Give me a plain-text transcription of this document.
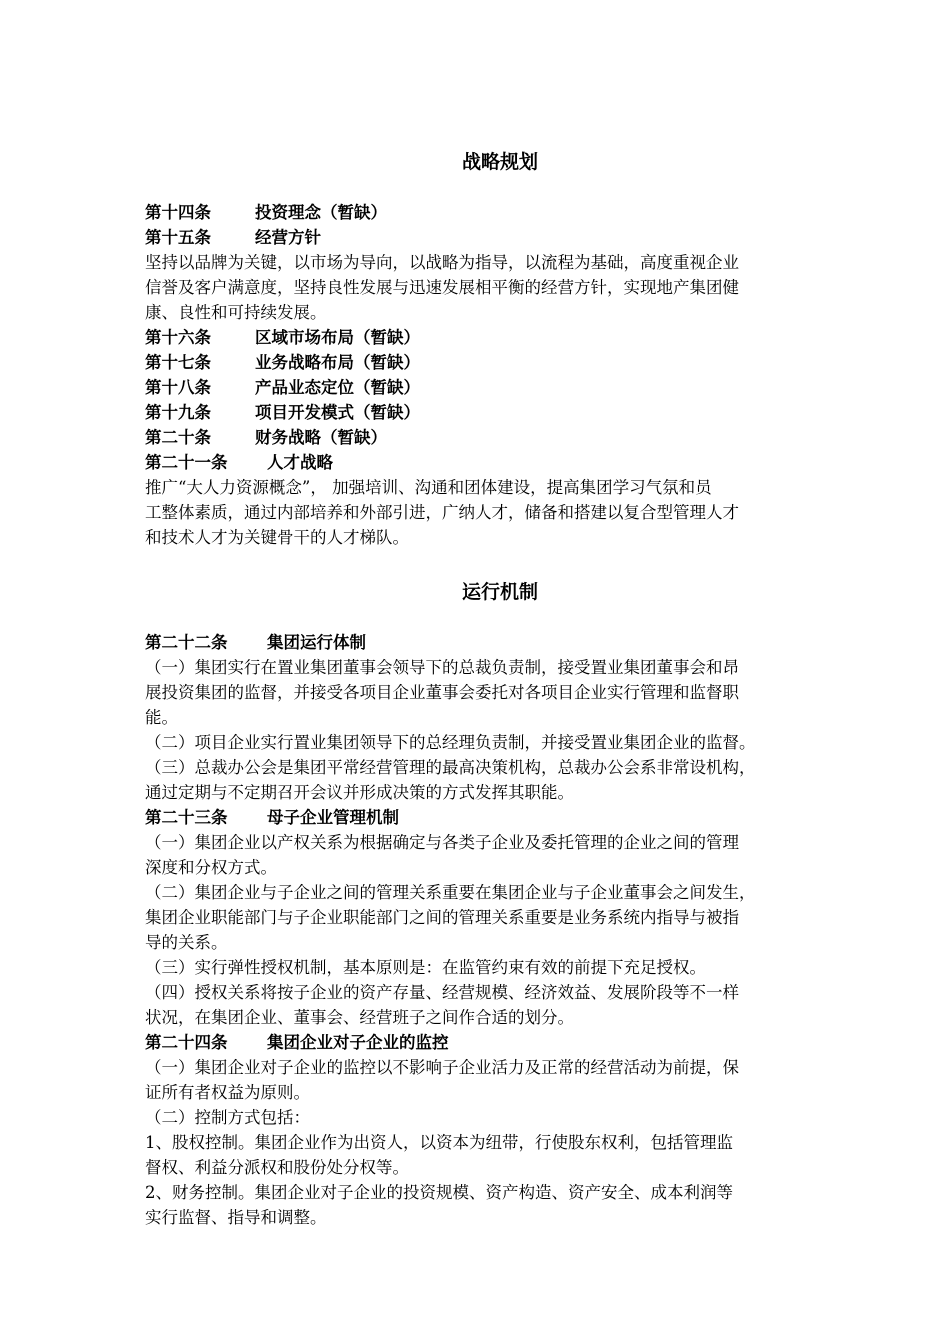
战略规划

第十四条	投资理念（暂缺）

第十五条	经营方针

坚持以品牌为关键，以市场为导向，以战略为指导，以流程为基础，高度重视企业
信誉及客户满意度，坚持良性发展与迅速发展相平衡的经营方针，实现地产集团健
康、良性和可持续发展。

第十六条	区域市场布局（暂缺）

第十七条	业务战略布局（暂缺）

第十八条	产品业态定位（暂缺）

第十九条	项目开发模式（暂缺）

第二十条	财务战略（暂缺）

第二十一条 人才战略

推广“大人力资源概念”， 加强培训、沟通和团体建设，提高集团学习气氛和员
工整体素质，通过内部培养和外部引进，广纳人才，储备和搭建以复合型管理人才
和技术人才为关键骨干的人才梯队。
运行机制

第二十二条 集团运行体制

（一）集团实行在置业集团董事会领导下的总裁负责制，接受置业集团董事会和昂
展投资集团的监督，并接受各项目企业董事会委托对各项目企业实行管理和监督职
能。
（二）项目企业实行置业集团领导下的总经理负责制，并接受置业集团企业的监督。
（三）总裁办公会是集团平常经营管理的最高决策机构，总裁办公会系非常设机构，
通过定期与不定期召开会议并形成决策的方式发挥其职能。

第二十三条 母子企业管理机制

（一）集团企业以产权关系为根据确定与各类子企业及委托管理的企业之间的管理
深度和分权方式。
（二）集团企业与子企业之间的管理关系重要在集团企业与子企业董事会之间发生，
集团企业职能部门与子企业职能部门之间的管理关系重要是业务系统内指导与被指
导的关系。
（三）实行弹性授权机制，基本原则是：在监管约束有效的前提下充足授权。
（四）授权关系将按子企业的资产存量、经营规模、经济效益、发展阶段等不一样
状况，在集团企业、董事会、经营班子之间作合适的划分。

第二十四条 集团企业对子企业的监控

（一）集团企业对子企业的监控以不影响子企业活力及正常的经营活动为前提，保
证所有者权益为原则。
（二）控制方式包括：
1、股权控制。集团企业作为出资人，以资本为纽带，行使股东权利，包括管理监
督权、利益分派权和股份处分权等。
2、财务控制。集团企业对子企业的投资规模、资产构造、资产安全、成本利润等
实行监督、指导和调整。
